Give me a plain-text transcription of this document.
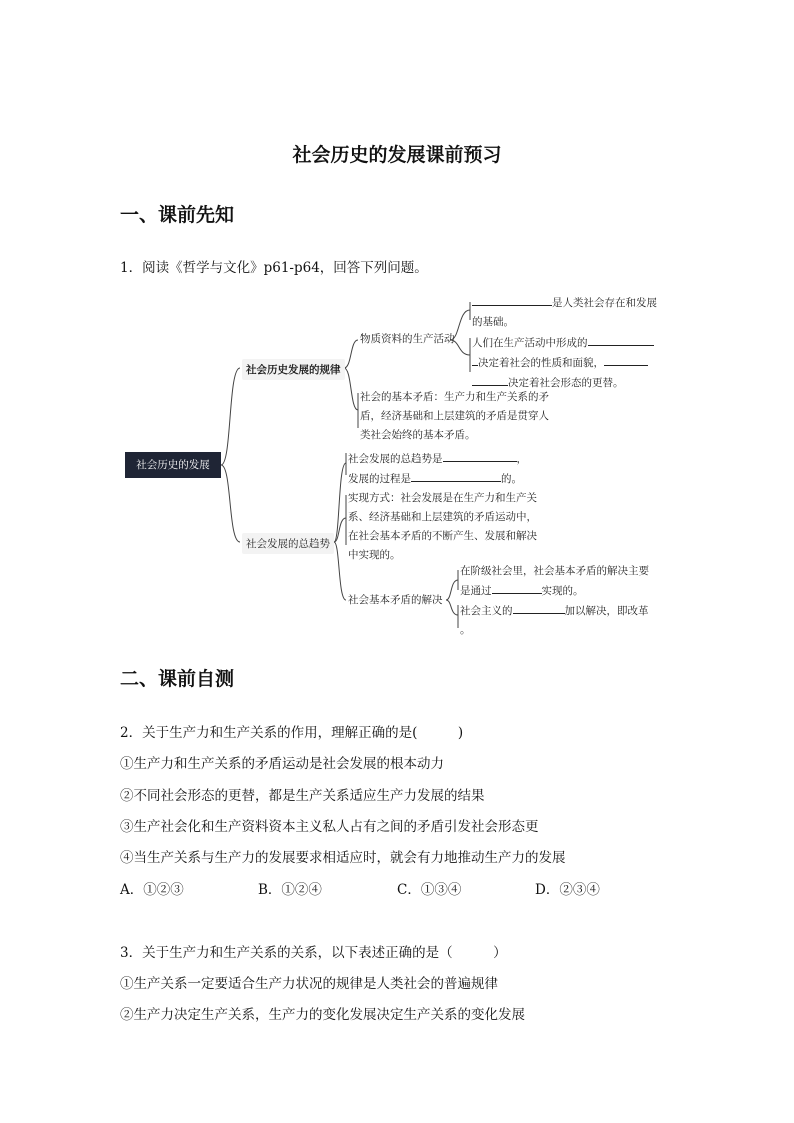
社会历史的发展课前预习
一、课前先知
1．阅读《哲学与文化》p61-p64，回答下列问题。
社会历史的发展
社会历史发展的规律
社会发展的总趋势
物质资料的生产活动
是人类社会存在和发展
的基础。
人们在生产活动中形成的
决定着社会的性质和面貌，
决定着社会形态的更替。
社会的基本矛盾：生产力和生产关系的矛
盾，经济基础和上层建筑的矛盾是贯穿人
类社会始终的基本矛盾。
社会发展的总趋势是	，
发展的过程是	的。
实现方式：社会发展是在生产力和生产关
系、经济基础和上层建筑的矛盾运动中，
在社会基本矛盾的不断产生、发展和解决
中实现的。
社会基本矛盾的解决
在阶级社会里，社会基本矛盾的解决主要
是通过	实现的。
社会主义的	加以解决，即改革
。
二、课前自测
2．关于生产力和生产关系的作用，理解正确的是(　　　)
①生产力和生产关系的矛盾运动是社会发展的根本动力
②不同社会形态的更替，都是生产关系适应生产力发展的结果
③生产社会化和生产资料资本主义私人占有之间的矛盾引发社会形态更
④当生产关系与生产力的发展要求相适应时，就会有力地推动生产力的发展
A．①②③	B．①②④	C．①③④	D．②③④
3．关于生产力和生产关系的关系，以下表述正确的是（　　　）
①生产关系一定要适合生产力状况的规律是人类社会的普遍规律
②生产力决定生产关系，生产力的变化发展决定生产关系的变化发展
